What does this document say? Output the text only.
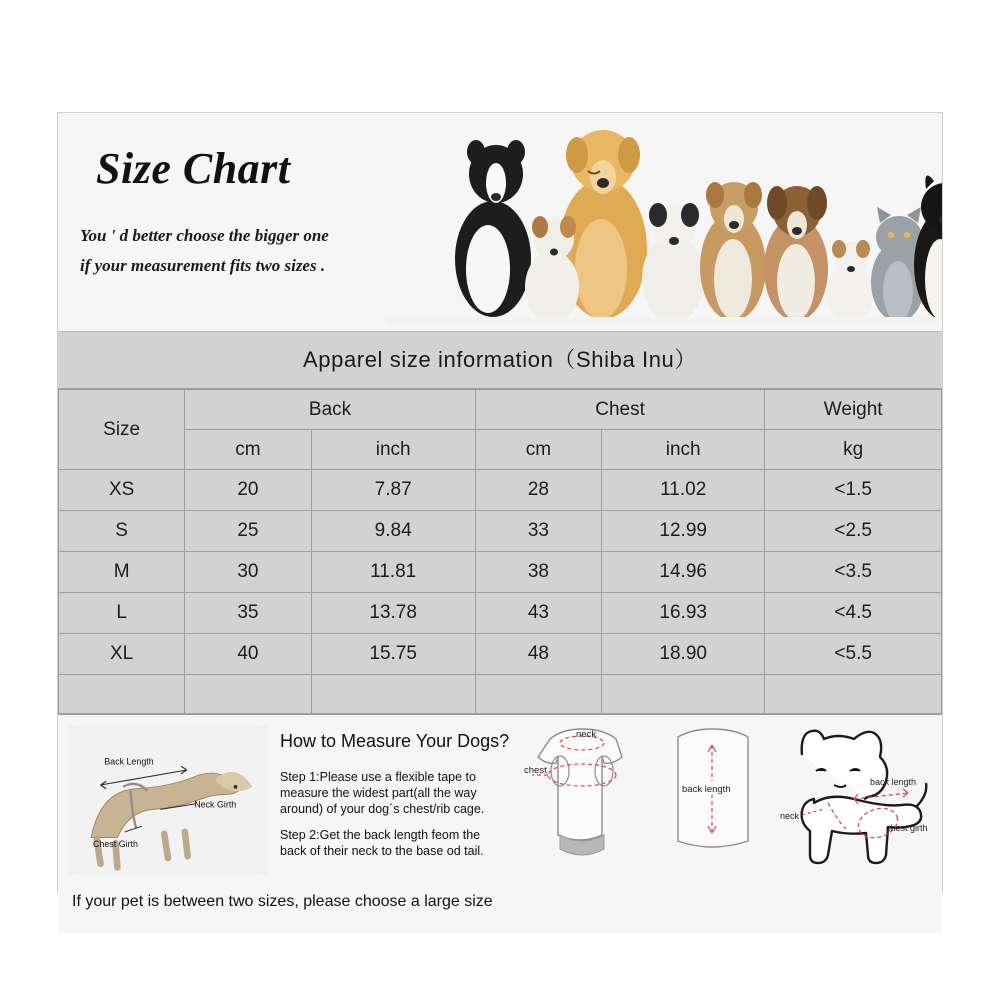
Size Chart
You ' d better choose the bigger one
if your measurement fits two sizes .
Apparel size information（Shiba Inu）
Size	Back		Chest		Weight
	cm	inch	cm	inch	kg
XS	20	7.87	28	11.02	<1.5
S	25	9.84	33	12.99	<2.5
M	30	11.81	38	14.96	<3.5
L	35	13.78	43	16.93	<4.5
XL	40	15.75	48	18.90	<5.5

Back Length
Neck Girth
Chest Girth
How to Measure Your Dogs?
Step 1:Please use a flexible tape to measure the widest part(all the way around) of your dog´s chest/rib cage.
Step 2:Get the back length feom the back of their neck to the base od tail.
neck
chest
back length
back length
chest girth
neck
If your pet is between two sizes, please choose a large size
